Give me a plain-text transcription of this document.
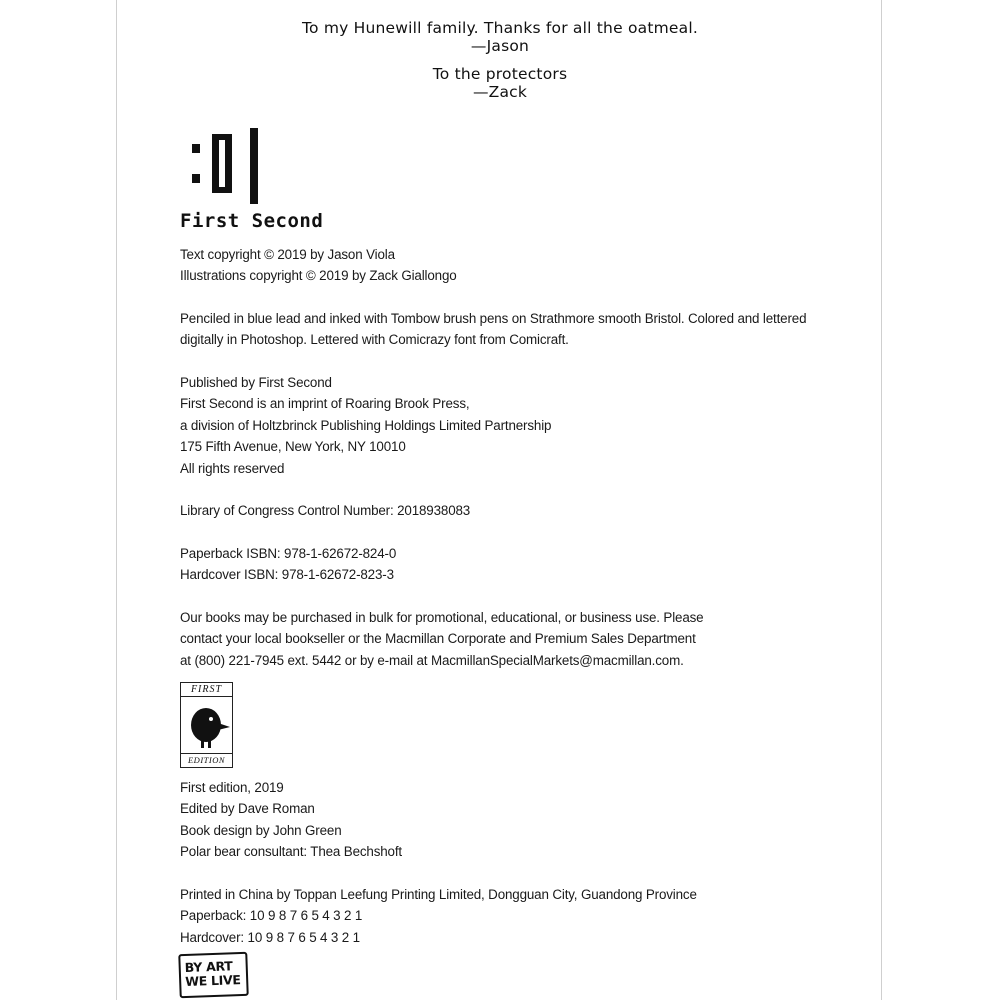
To my Hunewill family. Thanks for all the oatmeal.
—Jason
To the protectors
—Zack
First Second
Text copyright © 2019 by Jason Viola
Illustrations copyright © 2019 by Zack Giallongo
Penciled in blue lead and inked with Tombow brush pens on Strathmore smooth Bristol. Colored and lettered
digitally in Photoshop. Lettered with Comicrazy font from Comicraft.
Published by First Second
First Second is an imprint of Roaring Brook Press,
a division of Holtzbrinck Publishing Holdings Limited Partnership
175 Fifth Avenue, New York, NY 10010
All rights reserved
Library of Congress Control Number: 2018938083
Paperback ISBN: 978-1-62672-824-0
Hardcover ISBN: 978-1-62672-823-3
Our books may be purchased in bulk for promotional, educational, or business use. Please
contact your local bookseller or the Macmillan Corporate and Premium Sales Department
at (800) 221-7945 ext. 5442 or by e-mail at MacmillanSpecialMarkets@macmillan.com.
FIRST
EDITION
First edition, 2019
Edited by Dave Roman
Book design by John Green
Polar bear consultant: Thea Bechshoft
Printed in China by Toppan Leefung Printing Limited, Dongguan City, Guandong Province
Paperback: 10 9 8 7 6 5 4 3 2 1
Hardcover: 10 9 8 7 6 5 4 3 2 1
BY ART
WE LIVE
